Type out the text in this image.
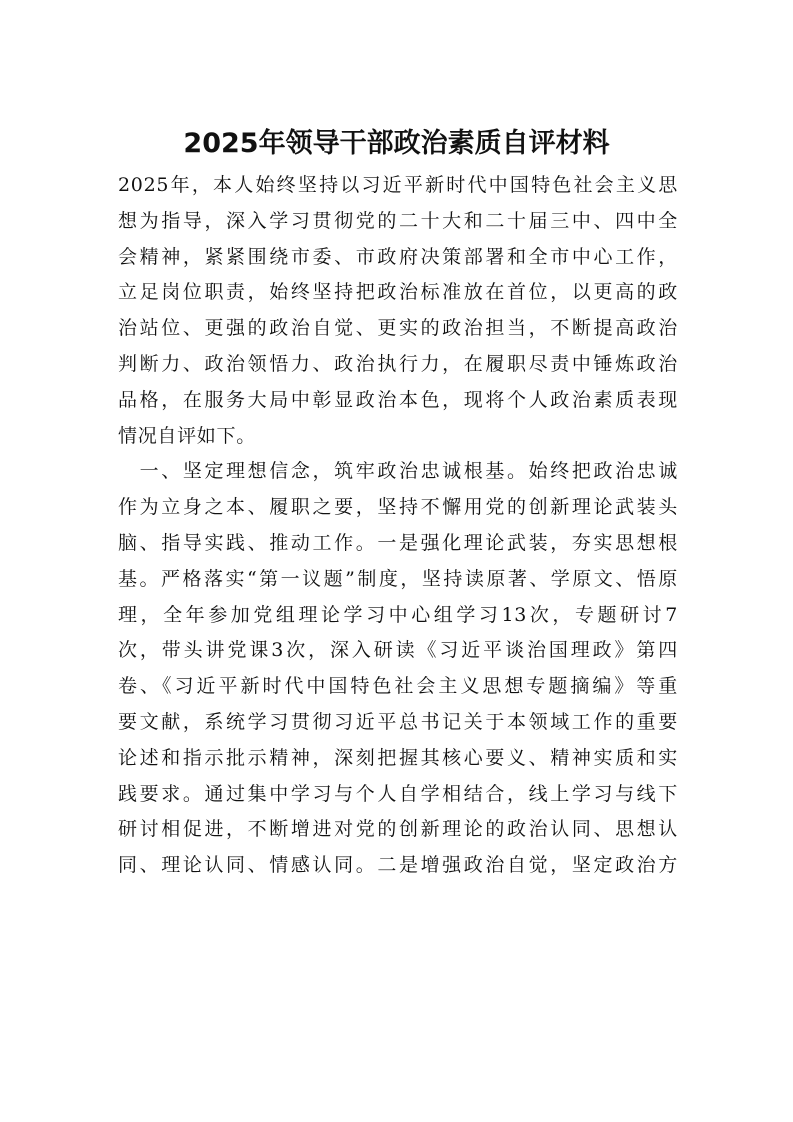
2025年领导干部政治素质自评材料

2025年，本人始终坚持以习近平新时代中国特色社会主义思
想为指导，深入学习贯彻党的二十大和二十届三中、四中全
会精神，紧紧围绕市委、市政府决策部署和全市中心工作，
立足岗位职责，始终坚持把政治标准放在首位，以更高的政
治站位、更强的政治自觉、更实的政治担当，不断提高政治
判断力、政治领悟力、政治执行力，在履职尽责中锤炼政治
品格，在服务大局中彰显政治本色，现将个人政治素质表现
情况自评如下。

　一、坚定理想信念，筑牢政治忠诚根基。始终把政治忠诚
作为立身之本、履职之要，坚持不懈用党的创新理论武装头
脑、指导实践、推动工作。一是强化理论武装，夯实思想根
基。严格落实“第一议题”制度，坚持读原著、学原文、悟原
理，全年参加党组理论学习中心组学习13次，专题研讨7
次，带头讲党课3次，深入研读《习近平谈治国理政》第四
卷、《习近平新时代中国特色社会主义思想专题摘编》等重
要文献，系统学习贯彻习近平总书记关于本领域工作的重要
论述和指示批示精神，深刻把握其核心要义、精神实质和实
践要求。通过集中学习与个人自学相结合，线上学习与线下
研讨相促进，不断增进对党的创新理论的政治认同、思想认
同、理论认同、情感认同。二是增强政治自觉，坚定政治方
